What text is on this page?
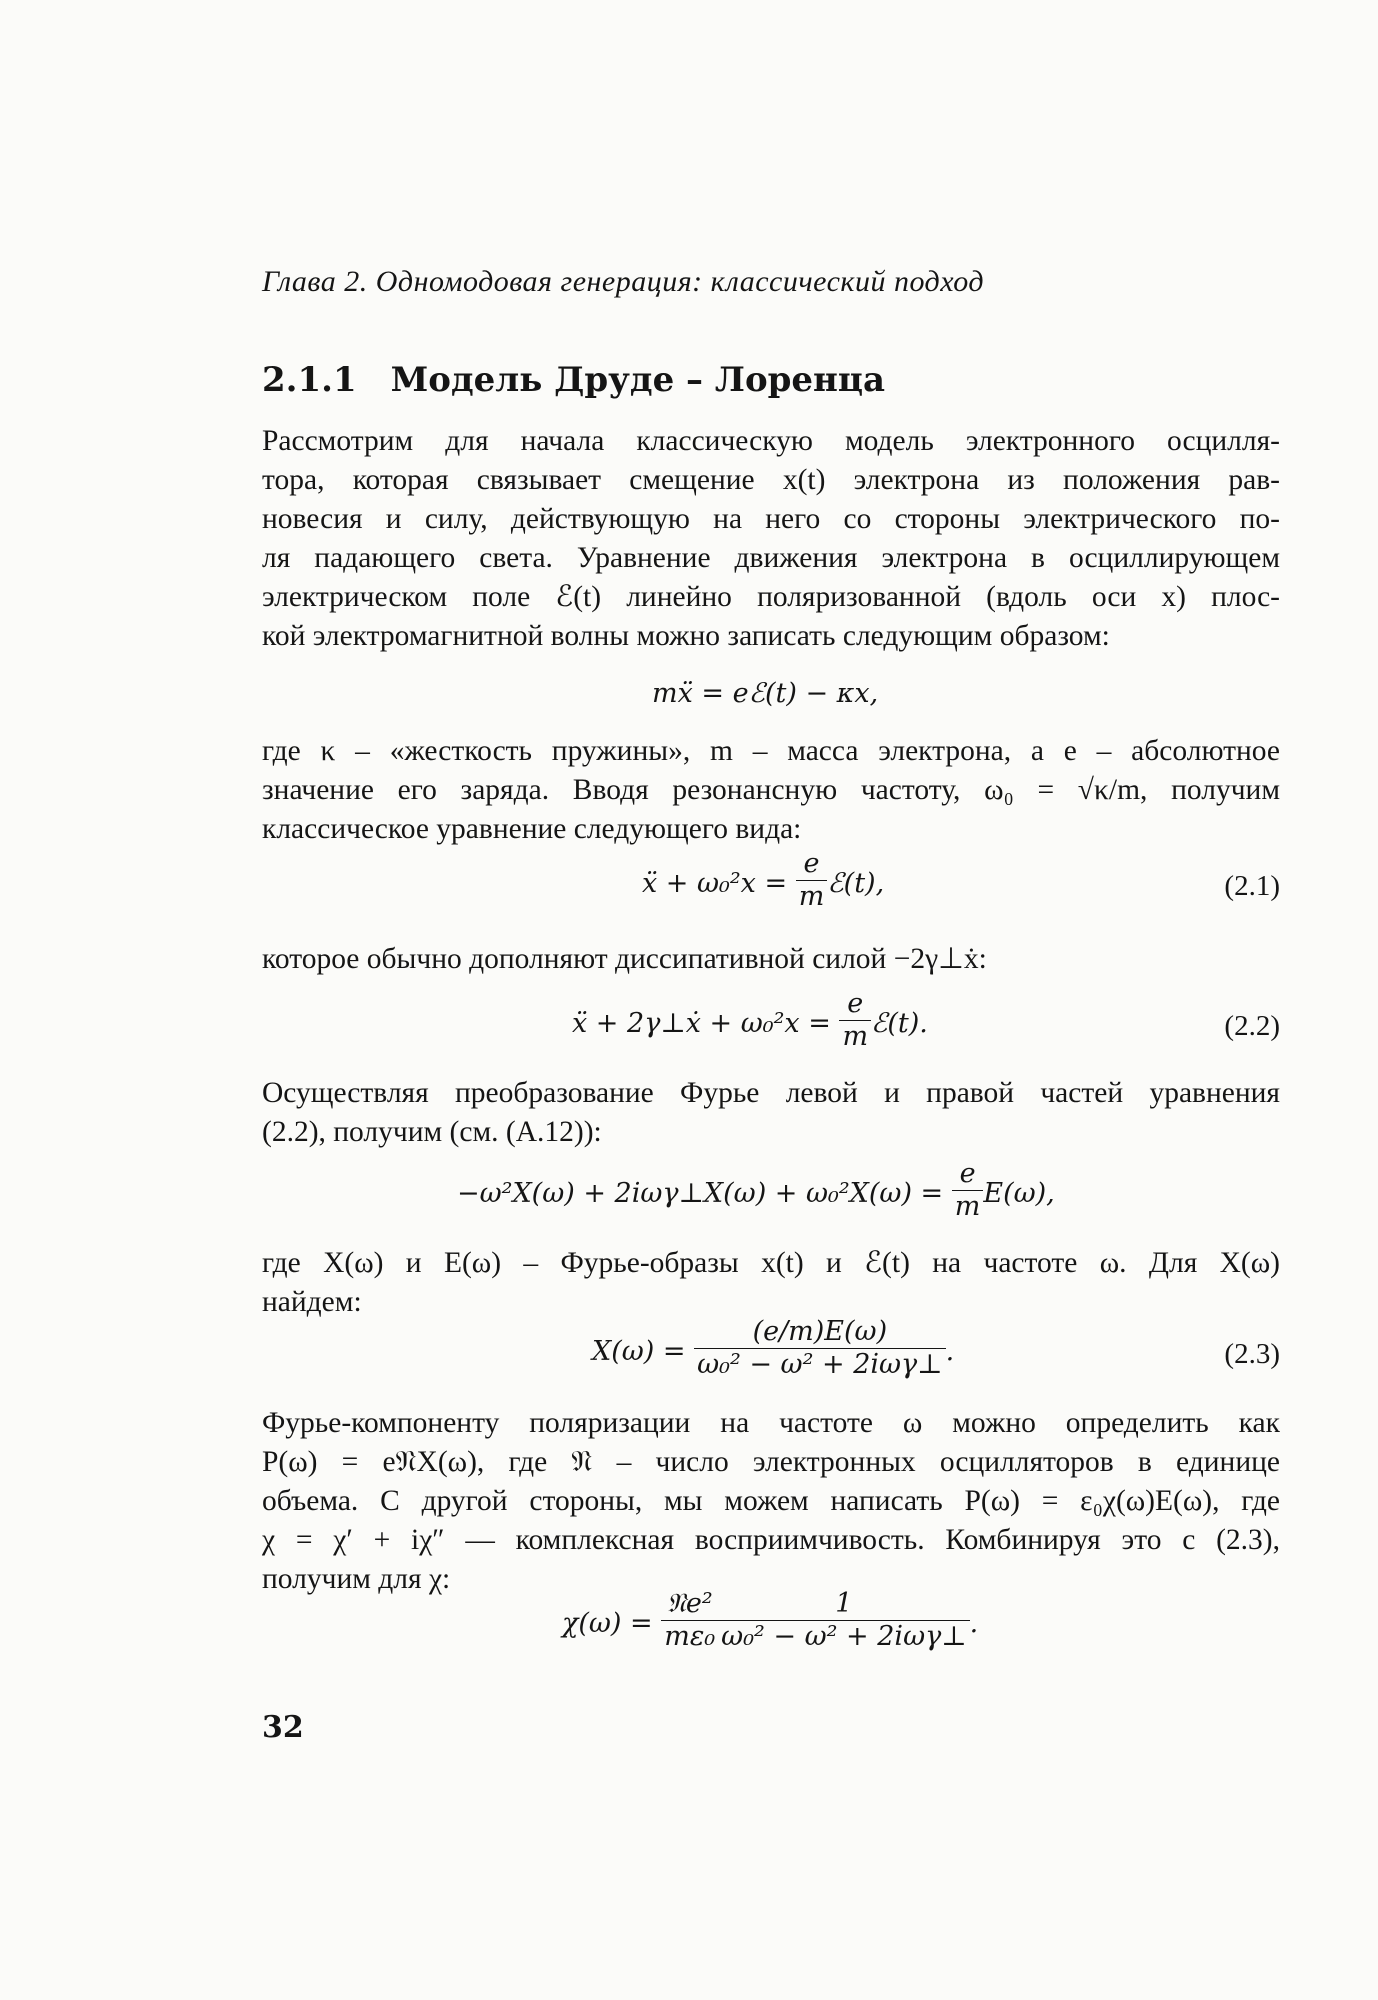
Глава 2. Одномодовая генерация: классический подход
2.1.1 Модель Друде – Лоренца
Рассмотрим для начала классическую модель электронного осцилля-
тора, которая связывает смещение x(t) электрона из положения рав-
новесия и силу, действующую на него со стороны электрического по-
ля падающего света. Уравнение движения электрона в осциллирующем
электрическом поле ℰ(t) линейно поляризованной (вдоль оси x) плос-
кой электромагнитной волны можно записать следующим образом:
mẍ = eℰ(t) − κx,
где κ – «жесткость пружины», m – масса электрона, а e – абсолютное
значение его заряда. Вводя резонансную частоту, ω₀ = √κ/m, получим
классическое уравнение следующего вида:
ẍ + $\omega_0^2x = \frac{e}{m}$ ℰ(t),	(2.1)
которое обычно дополняют диссипативной силой −2γ⊥ẋ:
ẍ + 2γ⊥ẋ + $\omega_0^2x = \frac{e}{m}$ ℰ(t).	(2.2)
Осуществляя преобразование Фурье левой и правой частей уравнения
(2.2), получим (см. (A.12)):
−ω²X(ω) + 2iωγ⊥X(ω) + $\omega_0^2X(\omega) = \frac{e}{m} E(\omega)$,
где X(ω) и E(ω) – Фурье-образы x(t) и ℰ(t) на частоте ω. Для X(ω)
найдем:
$X(\omega) = \frac{(e/m)E(\omega)}{\text{ω₀² − ω² + 2iωγ⊥}}$ .	(2.3)
Фурье-компоненту поляризации на частоте ω можно определить как
P(ω) = e𝔑X(ω), где 𝔑 – число электронных осцилляторов в единице
объема. С другой стороны, мы можем написать P(ω) = ε₀χ(ω)E(ω), где
χ = χ′ + iχ″ — комплексная восприимчивость. Комбинируя это с (2.3),
получим для χ:
$\chi(\omega) = \frac{\text{𝔑e²}}{\text{mε₀}} \frac{1}{\text{ω₀² − ω² + 2iωγ⊥}}$ .
32
